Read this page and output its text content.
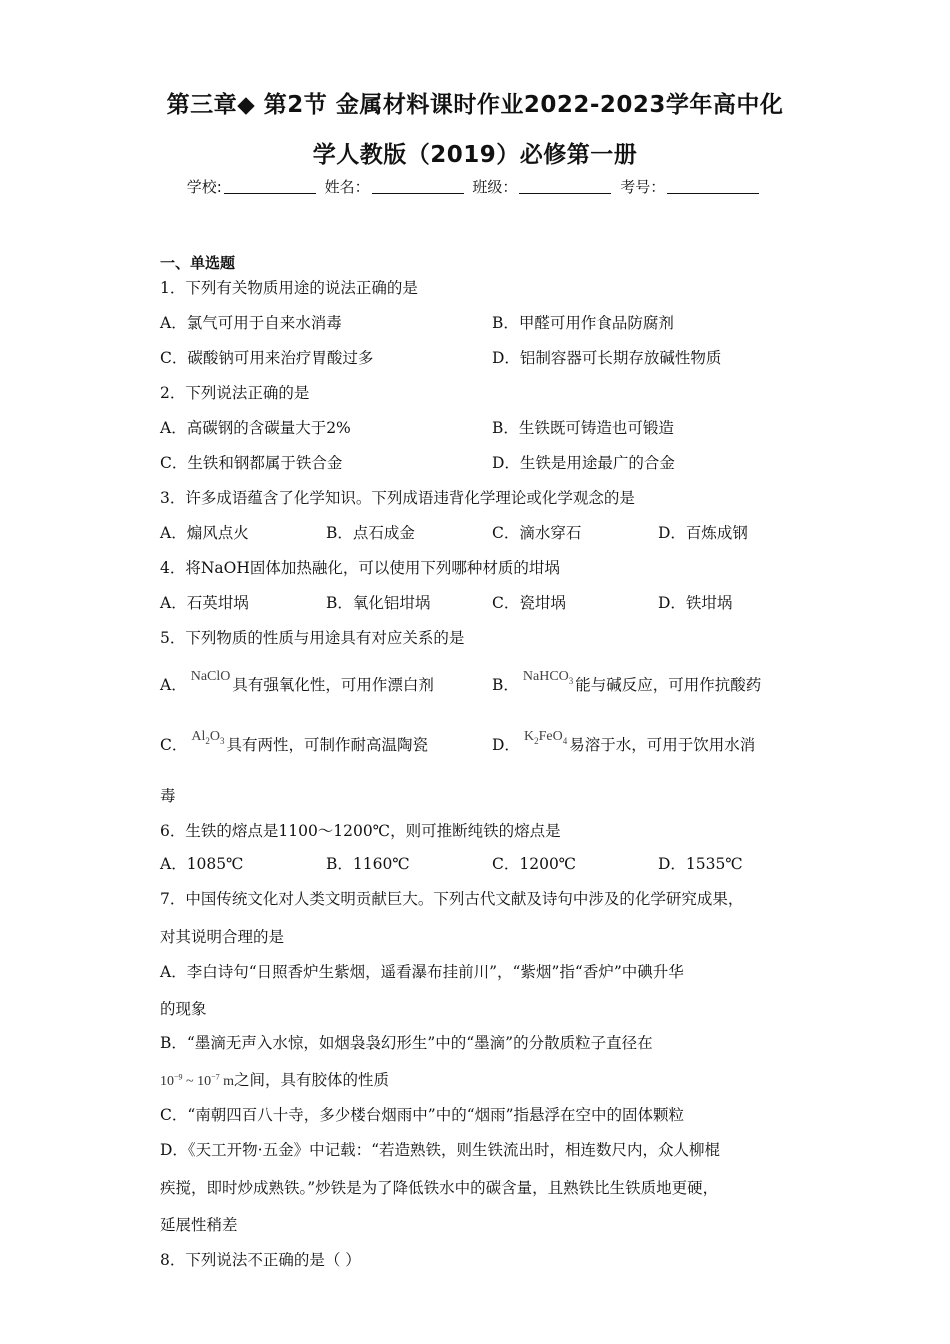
第三章◆ 第2节 金属材料课时作业2022-2023学年高中化
学人教版（2019）必修第一册
学校:	姓名：	班级：	考号：
一、单选题
1．下列有关物质用途的说法正确的是
A．氯气可用于自来水消毒	B．甲醛可用作食品防腐剂
C．碳酸钠可用来治疗胃酸过多	D．铝制容器可长期存放碱性物质
2．下列说法正确的是
A．高碳钢的含碳量大于2%	B．生铁既可铸造也可锻造
C．生铁和钢都属于铁合金	D．生铁是用途最广的合金
3．许多成语蕴含了化学知识。下列成语违背化学理论或化学观念的是
A．煽风点火	B．点石成金	C．滴水穿石	D．百炼成钢
4．将NaOH固体加热融化，可以使用下列哪种材质的坩埚
A．石英坩埚	B．氧化铝坩埚	C．瓷坩埚	D．铁坩埚
5．下列物质的性质与用途具有对应关系的是
A． NaClO 具有强氧化性，可用作漂白剂	B． NaHCO$_3$ 能与碱反应，可用作抗酸药
C． $Al_2O_3$ 具有两性，可制作耐高温陶瓷	D． $K_2FeO_4$ 易溶于水，可用于饮用水消
毒
6．生铁的熔点是1100～1200℃，则可推断纯铁的熔点是
A．1085℃	B．1160℃	C．1200℃	D．1535℃
7．中国传统文化对人类文明贡献巨大。下列古代文献及诗句中涉及的化学研究成果，
对其说明合理的是
A．李白诗句“日照香炉生紫烟，遥看瀑布挂前川”，“紫烟”指“香炉”中碘升华
的现象
B．“墨滴无声入水惊，如烟袅袅幻形生”中的“墨滴”的分散质粒子直径在
$10^{-9}$ ~ $10^{-7}$ m之间，具有胶体的性质
C．“南朝四百八十寺，多少楼台烟雨中”中的“烟雨”指悬浮在空中的固体颗粒
D．《天工开物·五金》中记载：“若造熟铁，则生铁流出时，相连数尺内，众人柳棍
疾搅，即时炒成熟铁。”炒铁是为了降低铁水中的碳含量，且熟铁比生铁质地更硬，
延展性稍差
8．下列说法不正确的是（ ）
